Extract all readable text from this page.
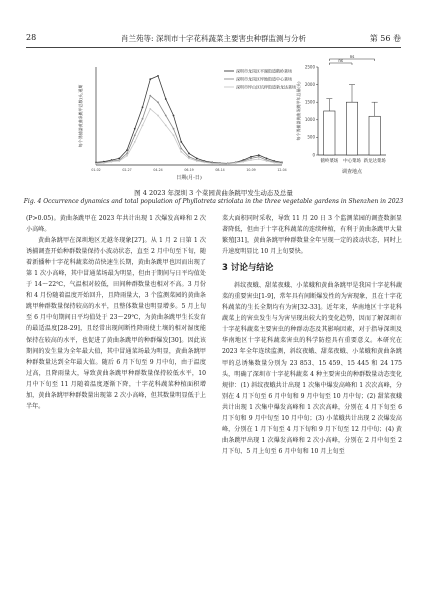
28	肖兰苑等: 深圳市十字花科蔬菜主要害虫种群监测与分析	第 56 卷
01-02	02-27	04-24	06-19	08-14	10-09	12-04
日期(月-日)
每个诱捕器黄曲条跳甲总数(头,通期
深圳市龙岗区平湖街道鹤岭菜场
深圳市龙岗区坪地街道中心菜场
深圳市坪山区坑梓街道新龙达菜场
0
500
1000
1500
2000
2500
鹤岭菜场 中心菜场 新龙达菜场
调查地点
每个诱捕器黄曲条跳甲年总量(头)
ns
ns
图 4 2023 年深圳 3 个菜园黄曲条跳甲发生动态及总量
Fig. 4 Occurrence dynamics and total population of Phyllotreta striolata in the three vegetable gardens in Shenzhen in 2023

(P>0.05)。黄曲条跳甲在 2023 年共计出现 1 次爆发高峰和 2 次小高峰。

黄曲条跳甲在深圳地区无越冬现象[27]。从 1 月 2 日第 1 次诱捕调查开始种群数量保持小波动状态，直至 2 月中旬至下旬，随着新播种十字花科蔬菜幼苗快速生长期，黄曲条跳甲也因而出现了第 1 次小高峰，其中冒通菜场最为明显，但由于期间与日平均值处于 14～22℃，气温相对较低，田间种群数量也相对不高。3 月份和 4 月份随着温度开始回升，且降雨量大，3 个监测菜园的黄曲条跳甲种群数量保持较高的水平，且整体数量也明显增多。5 月上旬至 6 月中旬期间日平均值处于 23～29℃，为黄曲条跳甲生长发育的最适温度[28-29]，且经常出现间断性降雨使土壤的相对湿度能保持在较高的水平，也促进了黄曲条跳甲的种群爆发[30]。因此该期间的发生量为全年最大值，其中冒通菜场最为明显，黄曲条跳甲种群数量达到全年最大值。随后 6 月下旬至 9 月中旬，由于温度过高，且降雨量大，导致黄曲条跳甲种群数量保持较低水平，10 月中下旬至 11 月随着温度逐渐下降，十字花科蔬菜种植面积增加，黄曲条跳甲种群数量出现第 2 次小高峰，但其数量明显低于上半年。

菜大面积同时采收，导致 11 月 20 日 3 个监测菜园的调查数据显著降低，但由于十字花科蔬菜的连续种植，有利于黄曲条跳甲大量繁殖[31]，黄曲条跳甲种群数量全年呈现一定的波动状态，同时上升速度明显比 10 月上旬要快。

3 讨论与结论

斜纹夜蛾、甜菜夜蛾、小菜蛾和黄曲条跳甲是我国十字花科蔬菜的重要害虫[1-9]，常年具有间断爆发性的为害现象，且在十字花科蔬菜的生长全期均有为害[32-33]。近年来，华南地区十字花科蔬菜上的害虫发生与为害呈现出较大的变化趋势，因而了解深圳市十字花科蔬菜主要害虫的种群动态及其影响因素，对于指导深圳及华南地区十字花科蔬菜害虫的科学防控具有重要意义。本研究在 2023 年全年连续监测，斜纹夜蛾、甜菜夜蛾、小菜蛾和黄曲条跳甲的总诱集数量分别为 23 853、15 459、15 445 和 24 175 头，明确了深圳市十字花科蔬菜 4 种主要害虫的种群数量动态变化规律：(1) 斜纹夜蛾共计出现 1 次集中爆发高峰和 1 次次高峰，分别在 4 月下旬至 6 月中旬和 9 月中旬至 10 月中旬；(2) 甜菜夜蛾共计出现 1 次集中爆发高峰和 1 次次高峰，分别在 4 月下旬至 6 月下旬和 9 月中旬至 10 月中旬；(3) 小菜蛾共计出现 2 次爆发高峰，分别在 1 月下旬至 4 月下旬和 9 月下旬至 12 月中旬；(4) 黄曲条跳甲出现 1 次爆发高峰和 2 次小高峰，分别在 2 月中旬至 2 月下旬、5 月上旬至 6 月中旬和 10 月上旬至
